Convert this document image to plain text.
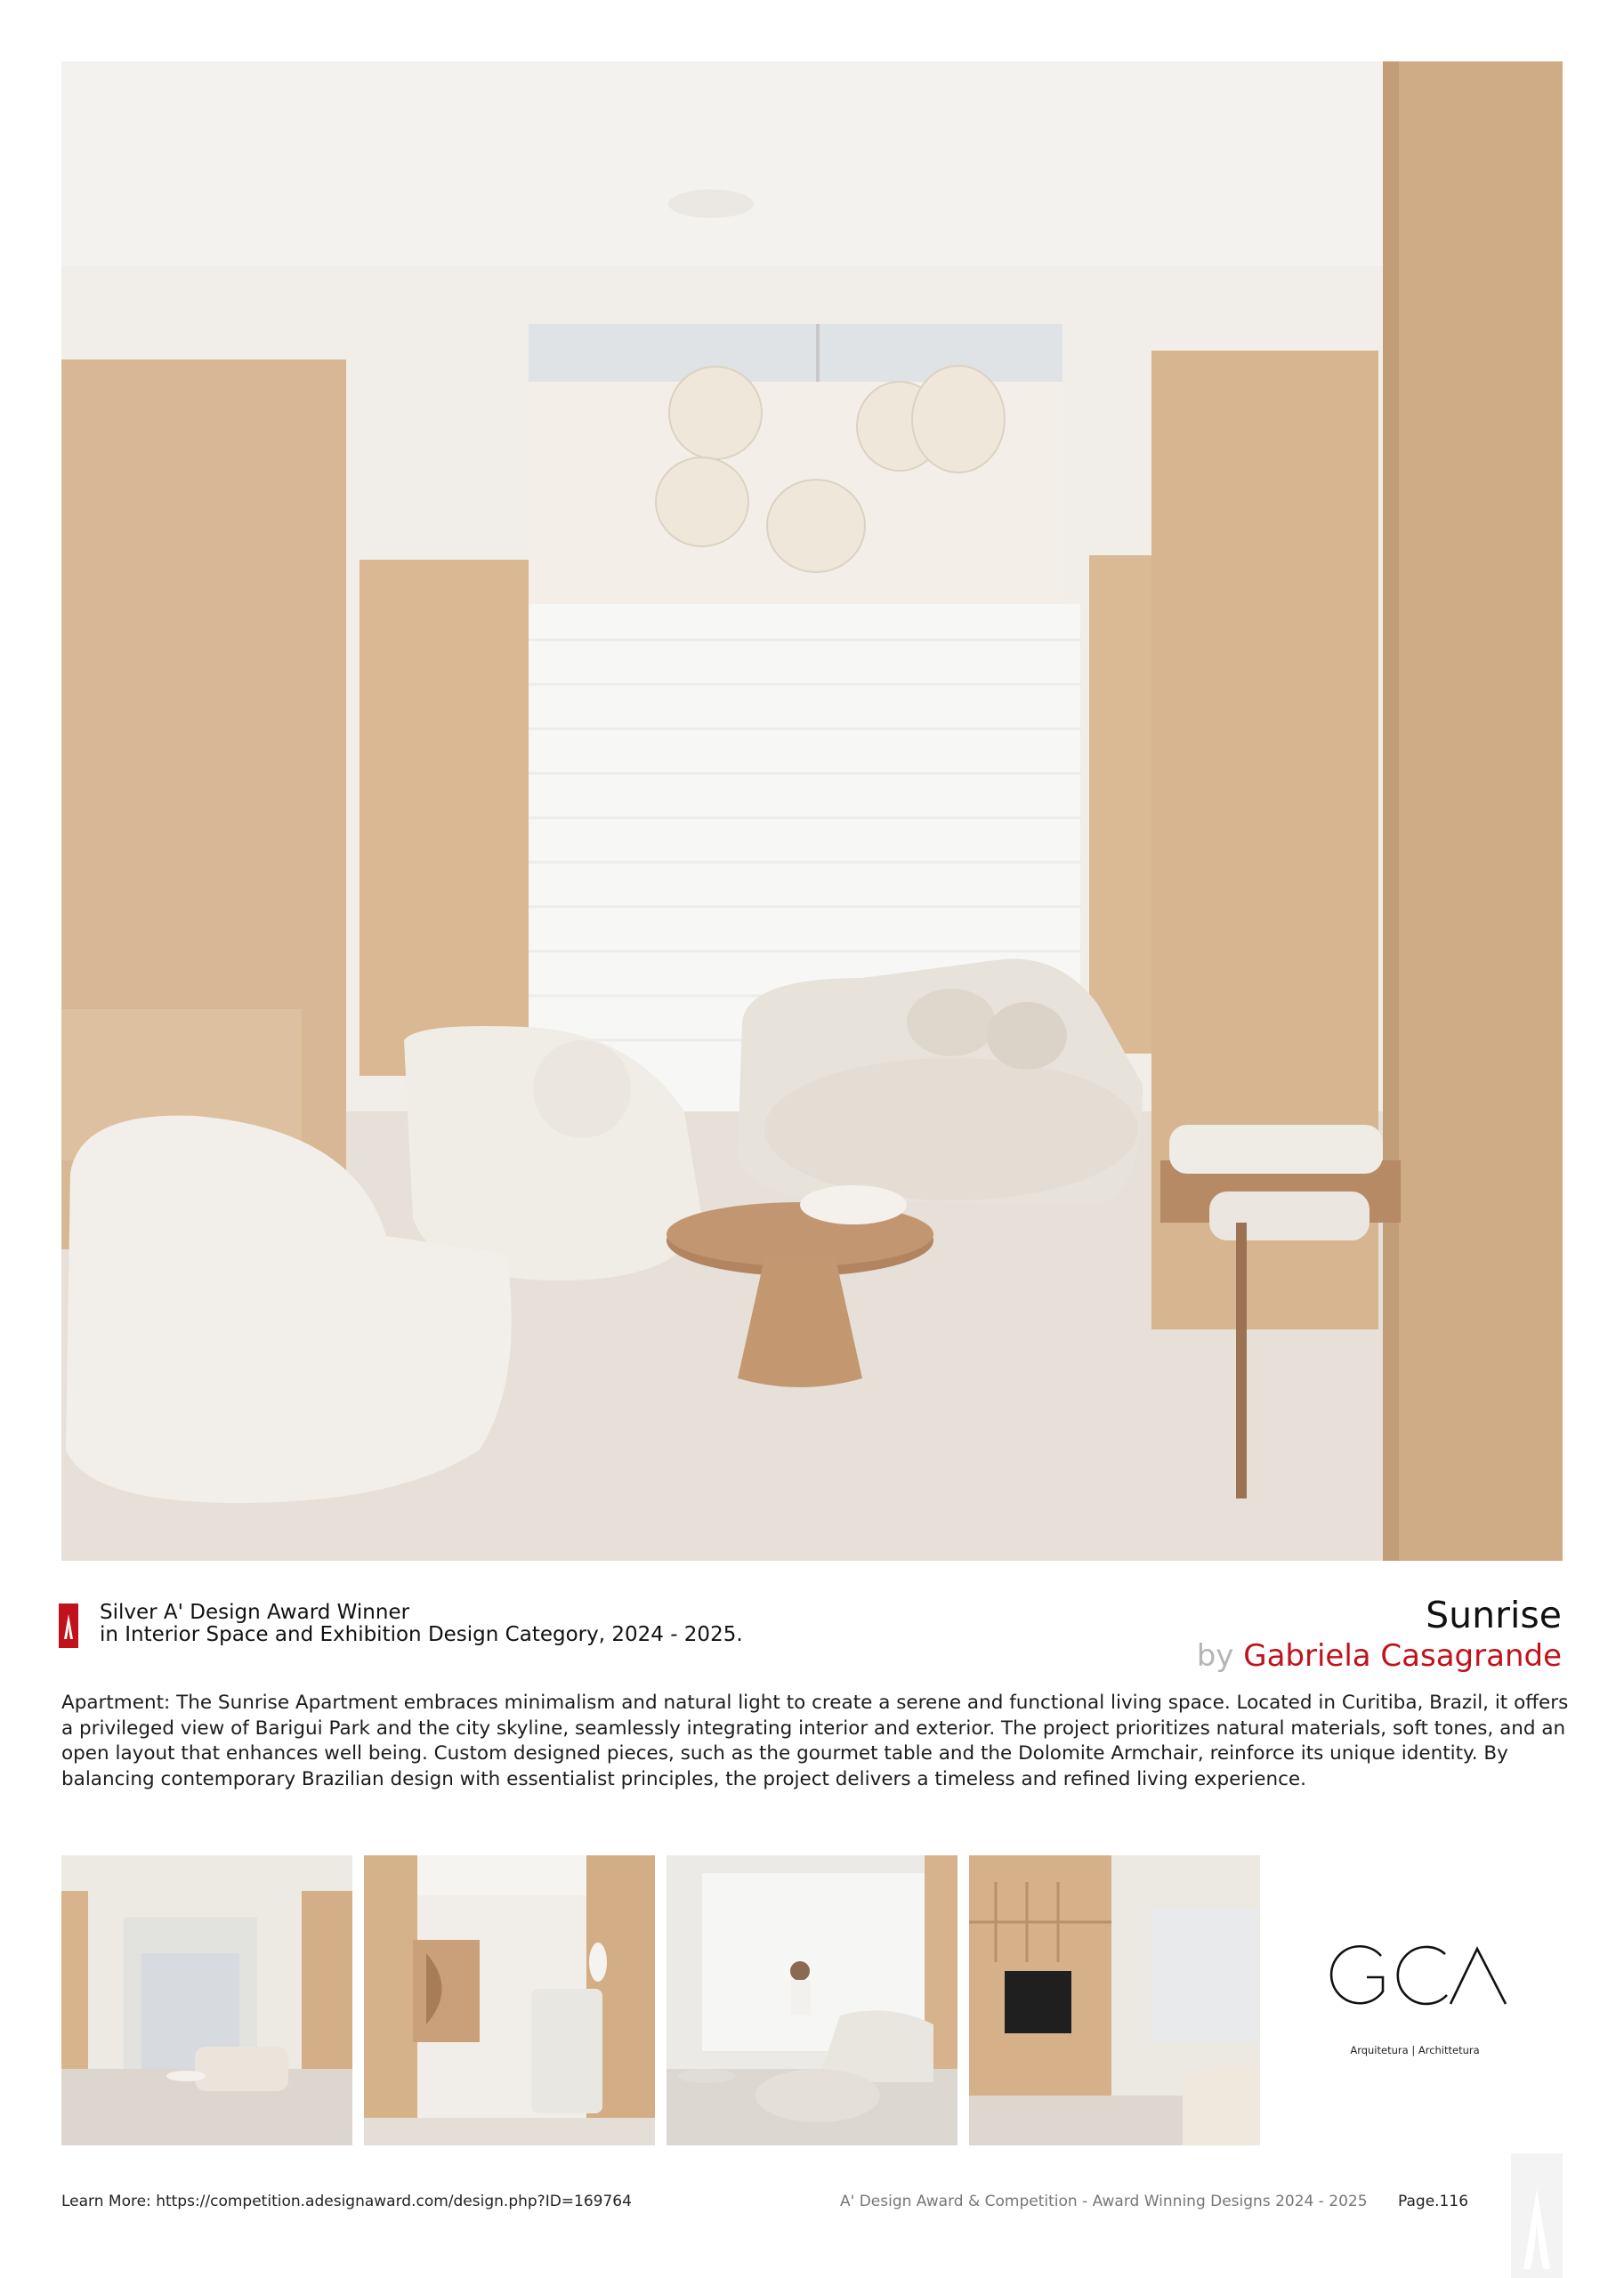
Silver A' Design Award Winner
in Interior Space and Exhibition Design Category, 2024 - 2025.	Sunrise
by Gabriela Casagrande
Apartment: The Sunrise Apartment embraces minimalism and natural light to create a serene and functional living space. Located in Curitiba, Brazil, it offers a privileged view of Barigui Park and the city skyline, seamlessly integrating interior and exterior. The project prioritizes natural materials, soft tones, and an open layout that enhances well being. Custom designed pieces, such as the gourmet table and the Dolomite Armchair, reinforce its unique identity. By balancing contemporary Brazilian design with essentialist principles, the project delivers a timeless and refined living experience.
Arquitetura | Archittetura
Learn More: https://competition.adesignaward.com/design.php?ID=169764	A' Design Award & Competition - Award Winning Designs 2024 - 2025 Page.116
